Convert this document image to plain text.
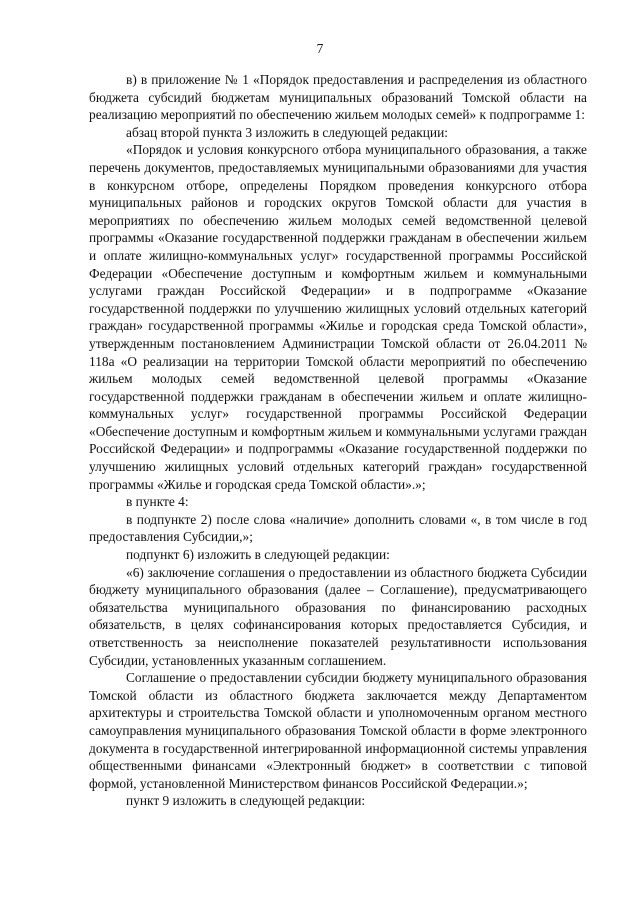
7

в) в приложение № 1 «Порядок предоставления и распределения из областного бюджета субсидий бюджетам муниципальных образований Томской области на реализацию мероприятий по обеспечению жильем молодых семей» к подпрограмме 1:

абзац второй пункта 3 изложить в следующей редакции:

«Порядок и условия конкурсного отбора муниципального образования, а также перечень документов, предоставляемых муниципальными образованиями для участия в конкурсном отборе, определены Порядком проведения конкурсного отбора муниципальных районов и городских округов Томской области для участия в мероприятиях по обеспечению жильем молодых семей ведомственной целевой программы «Оказание государственной поддержки гражданам в обеспечении жильем и оплате жилищно-коммунальных услуг» государственной программы Российской Федерации «Обеспечение доступным и комфортным жильем и коммунальными услугами граждан Российской Федерации» и в подпрограмме «Оказание государственной поддержки по улучшению жилищных условий отдельных категорий граждан» государственной программы «Жилье и городская среда Томской области», утвержденным постановлением Администрации Томской области от 26.04.2011 № 118а «О реализации на территории Томской области мероприятий по обеспечению жильем молодых семей ведомственной целевой программы «Оказание государственной поддержки гражданам в обеспечении жильем и оплате жилищно-коммунальных услуг» государственной программы Российской Федерации «Обеспечение доступным и комфортным жильем и коммунальными услугами граждан Российской Федерации» и подпрограммы «Оказание государственной поддержки по улучшению жилищных условий отдельных категорий граждан» государственной программы «Жилье и городская среда Томской области».»;

в пункте 4:

в подпункте 2) после слова «наличие» дополнить словами «, в том числе в год предоставления Субсидии,»;

подпункт 6) изложить в следующей редакции:

«6) заключение соглашения о предоставлении из областного бюджета Субсидии бюджету муниципального образования (далее – Соглашение), предусматривающего обязательства муниципального образования по финансированию расходных обязательств, в целях софинансирования которых предоставляется Субсидия, и ответственность за неисполнение показателей результативности использования Субсидии, установленных указанным соглашением.

Соглашение о предоставлении субсидии бюджету муниципального образования Томской области из областного бюджета заключается между Департаментом архитектуры и строительства Томской области и уполномоченным органом местного самоуправления муниципального образования Томской области в форме электронного документа в государственной интегрированной информационной системы управления общественными финансами «Электронный бюджет» в соответствии с типовой формой, установленной Министерством финансов Российской Федерации.»;

пункт 9 изложить в следующей редакции:
